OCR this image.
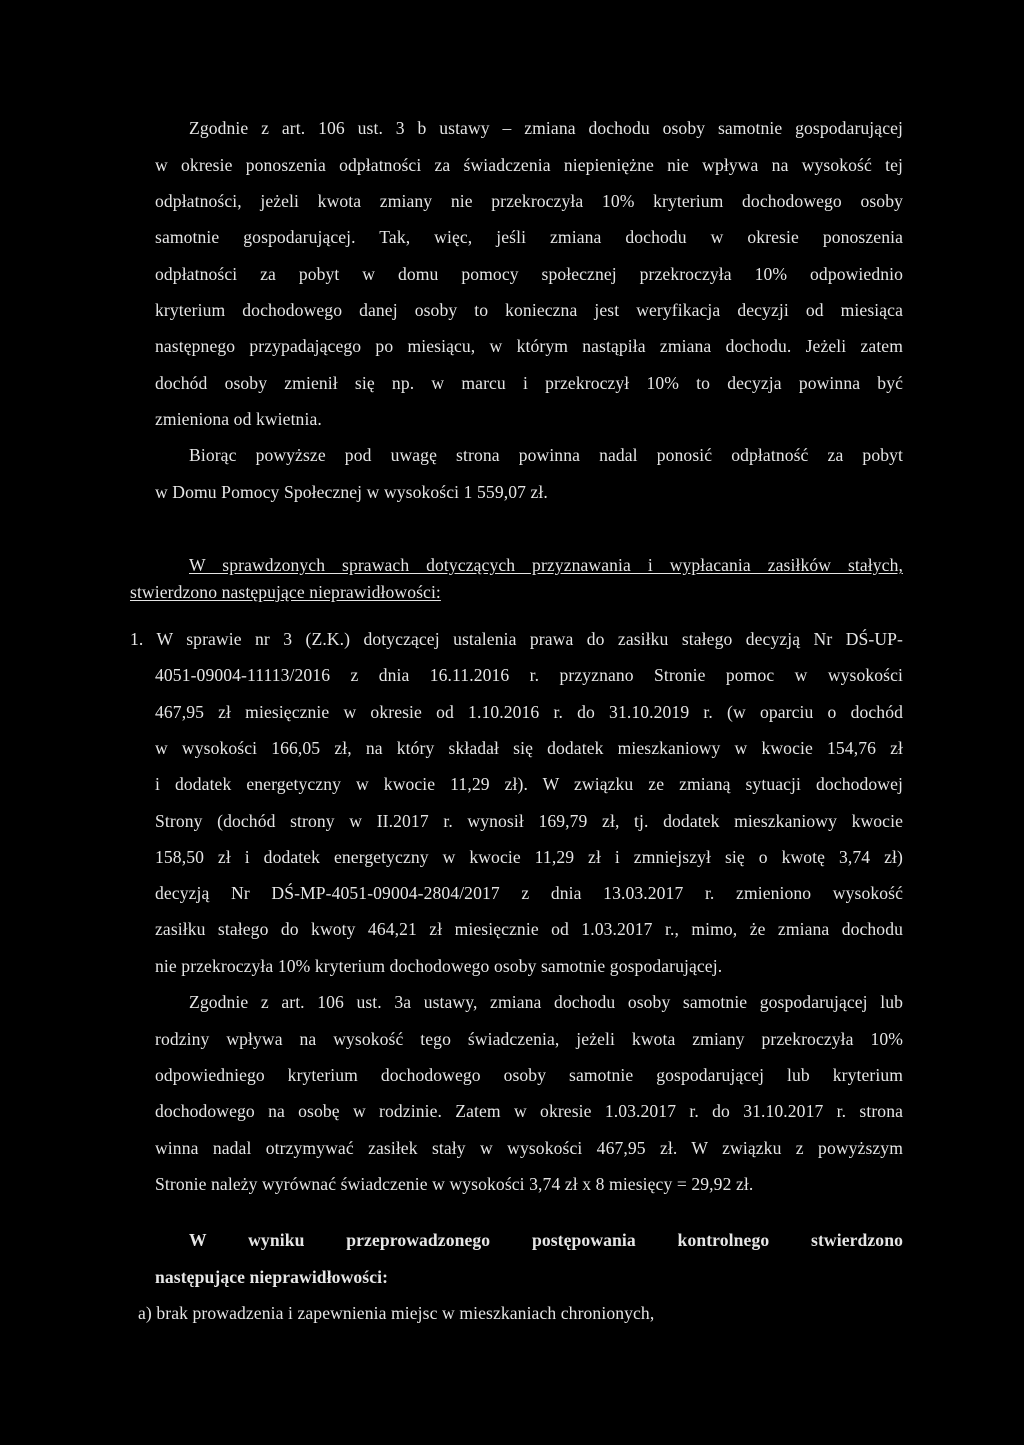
Zgodnie z art. 106 ust. 3 b ustawy – zmiana dochodu osoby samotnie gospodarującej
w okresie ponoszenia odpłatności za świadczenia niepieniężne nie wpływa na wysokość tej
odpłatności, jeżeli kwota zmiany nie przekroczyła 10% kryterium dochodowego osoby
samotnie gospodarującej. Tak, więc, jeśli zmiana dochodu w okresie ponoszenia
odpłatności za pobyt w domu pomocy społecznej przekroczyła 10% odpowiednio
kryterium dochodowego danej osoby to konieczna jest weryfikacja decyzji od miesiąca
następnego przypadającego po miesiącu, w którym nastąpiła zmiana dochodu. Jeżeli zatem
dochód osoby zmienił się np. w marcu i przekroczył 10% to decyzja powinna być
zmieniona od kwietnia.
Biorąc powyższe pod uwagę strona powinna nadal ponosić odpłatność za pobyt
w Domu Pomocy Społecznej w wysokości 1 559,07 zł.
W sprawdzonych sprawach dotyczących przyznawania i wypłacania zasiłków stałych,
stwierdzono następujące nieprawidłowości:
1. W sprawie nr 3 (Z.K.) dotyczącej ustalenia prawa do zasiłku stałego decyzją Nr DŚ-UP-
4051-09004-11113/2016 z dnia 16.11.2016 r. przyznano Stronie pomoc w wysokości
467,95 zł miesięcznie w okresie od 1.10.2016 r. do 31.10.2019 r. (w oparciu o dochód
w wysokości 166,05 zł, na który składał się dodatek mieszkaniowy w kwocie 154,76 zł
i dodatek energetyczny w kwocie 11,29 zł). W związku ze zmianą sytuacji dochodowej
Strony (dochód strony w II.2017 r. wynosił 169,79 zł, tj. dodatek mieszkaniowy kwocie
158,50 zł i dodatek energetyczny w kwocie 11,29 zł i zmniejszył się o kwotę 3,74 zł)
decyzją Nr DŚ-MP-4051-09004-2804/2017 z dnia 13.03.2017 r. zmieniono wysokość
zasiłku stałego do kwoty 464,21 zł miesięcznie od 1.03.2017 r., mimo, że zmiana dochodu
nie przekroczyła 10% kryterium dochodowego osoby samotnie gospodarującej.
Zgodnie z art. 106 ust. 3a ustawy, zmiana dochodu osoby samotnie gospodarującej lub
rodziny wpływa na wysokość tego świadczenia, jeżeli kwota zmiany przekroczyła 10%
odpowiedniego kryterium dochodowego osoby samotnie gospodarującej lub kryterium
dochodowego na osobę w rodzinie. Zatem w okresie 1.03.2017 r. do 31.10.2017 r. strona
winna nadal otrzymywać zasiłek stały w wysokości 467,95 zł. W związku z powyższym
Stronie należy wyrównać świadczenie w wysokości 3,74 zł x 8 miesięcy = 29,92 zł.
W wyniku przeprowadzonego postępowania kontrolnego stwierdzono
następujące nieprawidłowości:
a) brak prowadzenia i zapewnienia miejsc w mieszkaniach chronionych,
